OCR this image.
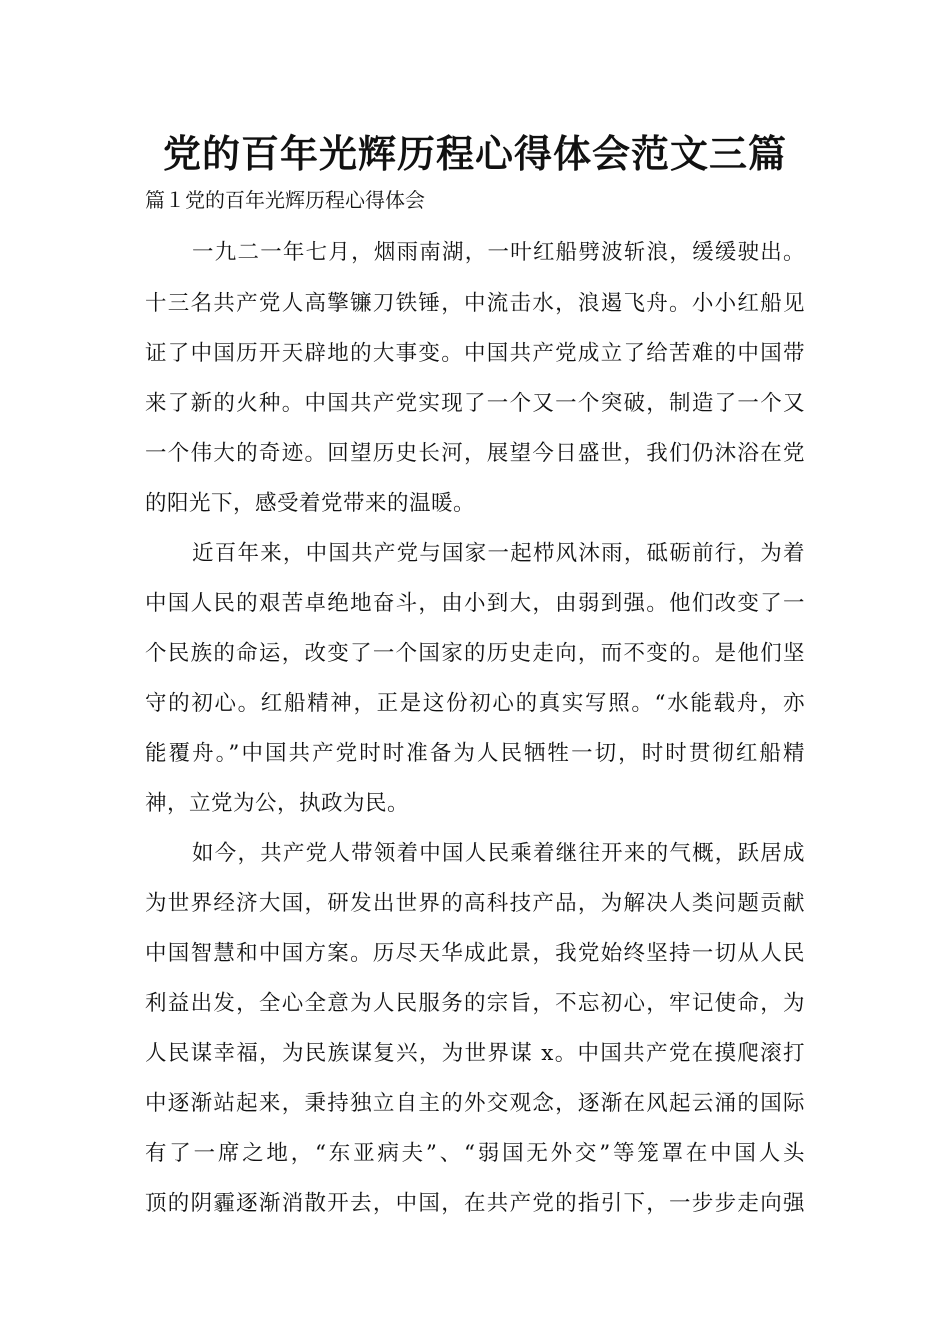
党的百年光辉历程心得体会范文三篇

篇１党的百年光辉历程心得体会

一九二一年七月，烟雨南湖，一叶红船劈波斩浪，缓缓驶出。

十三名共产党人高擎镰刀铁锤，中流击水，浪遏飞舟。小小红船见

证了中国历开天辟地的大事变。中国共产党成立了给苦难的中国带

来了新的火种。中国共产党实现了一个又一个突破，制造了一个又

一个伟大的奇迹。回望历史长河，展望今日盛世，我们仍沐浴在党

的阳光下，感受着党带来的温暖。

近百年来，中国共产党与国家一起栉风沐雨，砥砺前行，为着

中国人民的艰苦卓绝地奋斗，由小到大，由弱到强。他们改变了一

个民族的命运，改变了一个国家的历史走向，而不变的。是他们坚

守的初心。红船精神，正是这份初心的真实写照。“水能载舟，亦

能覆舟。”中国共产党时时准备为人民牺牲一切，时时贯彻红船精

神，立党为公，执政为民。

如今，共产党人带领着中国人民乘着继往开来的气概，跃居成

为世界经济大国，研发出世界的高科技产品，为解决人类问题贡献

中国智慧和中国方案。历尽天华成此景，我党始终坚持一切从人民

利益出发，全心全意为人民服务的宗旨，不忘初心，牢记使命，为

人民谋幸福，为民族谋复兴，为世界谋 x。中国共产党在摸爬滚打

中逐渐站起来，秉持独立自主的外交观念，逐渐在风起云涌的国际

有了一席之地，“东亚病夫”、“弱国无外交”等笼罩在中国人头

顶的阴霾逐渐消散开去，中国，在共产党的指引下，一步步走向强
